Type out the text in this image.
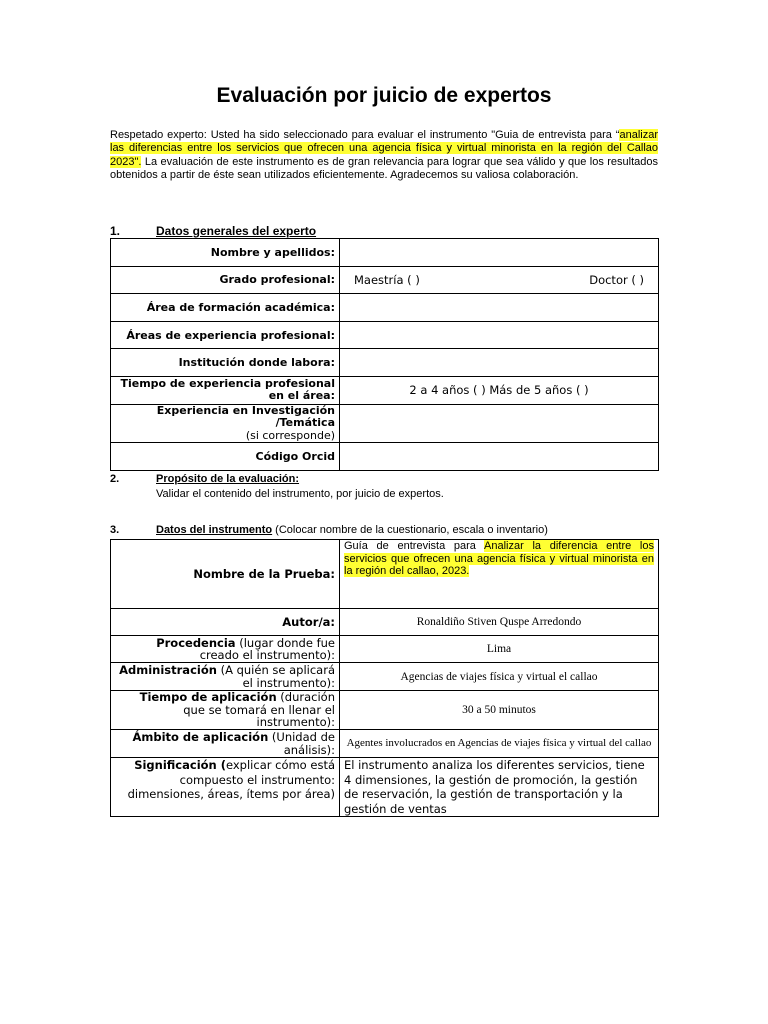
Evaluación por juicio de expertos
Respetado experto: Usted ha sido seleccionado para evaluar el instrumento "Guia de entrevista para “analizar las diferencias entre los servicios que ofrecen una agencia física y virtual minorista en la región del Callao 2023". La evaluación de este instrumento es de gran relevancia para lograr que sea válido y que los resultados obtenidos a partir de éste sean utilizados eficientemente. Agradecemos su valiosa colaboración.
1.	Datos generales del experto
Nombre y apellidos:	
Grado profesional:	Maestría ( ) Doctor ( )

Área de formación académica:	
Áreas de experiencia profesional:	
Institución donde labora:	
Tiempo de experiencia profesional en el área:	2 a 4 años ( ) Más de 5 años ( )

Experiencia en Investigación /Temática
(si corresponde)	

Código Orcid	
2.	Propósito de la evaluación:
Validar el contenido del instrumento, por juicio de expertos.
3.	Datos del instrumento (Colocar nombre de la cuestionario, escala o inventario)
Nombre de la Prueba:	Guía de entrevista para Analizar la diferencia entre los servicios que ofrecen una agencia física y virtual minorista en la región del callao, 2023.
Autor/a:	Ronaldiño Stiven Quspe Arredondo
Procedencia (lugar donde fue creado el instrumento):	Lima
Administración (A quién se aplicará el instrumento):	Agencias de viajes física y virtual el callao
Tiempo de aplicación (duración que se tomará en llenar el instrumento):	30 a 50 minutos
Ámbito de aplicación (Unidad de análisis):	Agentes involucrados en Agencias de viajes física y virtual del callao
Significación (explicar cómo está compuesto el instrumento: dimensiones, áreas, ítems por área)	El instrumento analiza los diferentes servicios, tiene 4 dimensiones, la gestión de promoción, la gestión de reservación, la gestión de transportación y la gestión de ventas
